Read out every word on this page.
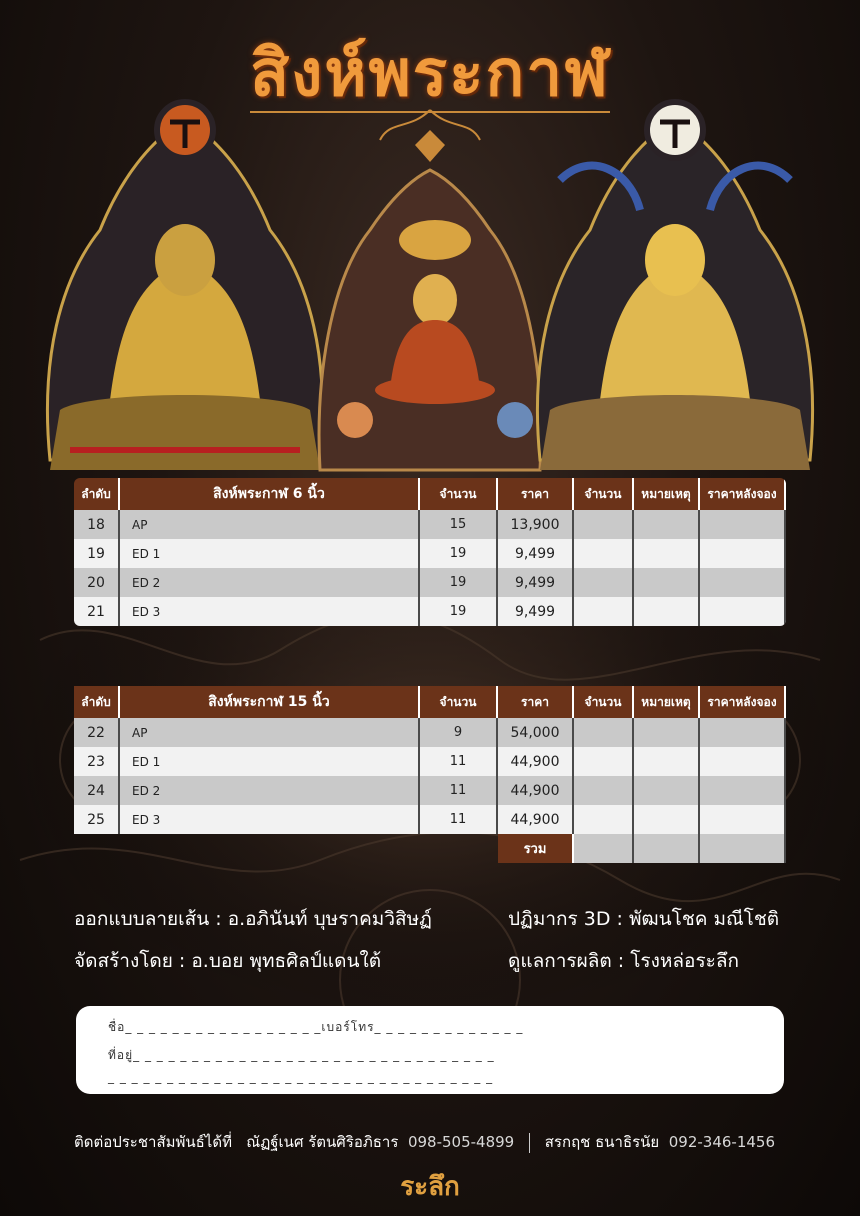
สิงห์พระกาฬ
ลำดับ	สิงห์พระกาฬ 6 นิ้ว	จำนวน	ราคา	จำนวน	หมายเหตุ	ราคาหลังจอง
18	AP	15	13,900			
19	ED 1	19	9,499			
20	ED 2	19	9,499			
21	ED 3	19	9,499			
ลำดับ	สิงห์พระกาฬ 15 นิ้ว	จำนวน	ราคา	จำนวน	หมายเหตุ	ราคาหลังจอง
22	AP	9	54,000			
23	ED 1	11	44,900			
24	ED 2	11	44,900			
25	ED 3	11	44,900			
			รวม			
ออกแบบลายเส้น : อ.อภินันท์ บุษราคมวิสิษฏ์	ปฏิมากร 3D : พัฒนโชค มณีโชติ
จัดสร้างโดย : อ.บอย พุทธศิลป์แดนใต้	ดูแลการผลิต : โรงหล่อระลึก
ชื่อ_ _ _ _ _ _ _ _ _ _ _ _ _ _ _ _ _เบอร์โทร_ _ _ _ _ _ _ _ _ _ _ _ _
ที่อยู่_ _ _ _ _ _ _ _ _ _ _ _ _ _ _ _ _ _ _ _ _ _ _ _ _ _ _ _ _ _ _
_ _ _ _ _ _ _ _ _ _ _ _ _ _ _ _ _ _ _ _ _ _ _ _ _ _ _ _ _ _ _ _ _
ติดต่อประชาสัมพันธ์ได้ที่ ณัฏฐ์เนศ รัตนศิริอภิธาร 098-505-4899 สรกฤช ธนาธิรนัย 092-346-1456
ระลึก
